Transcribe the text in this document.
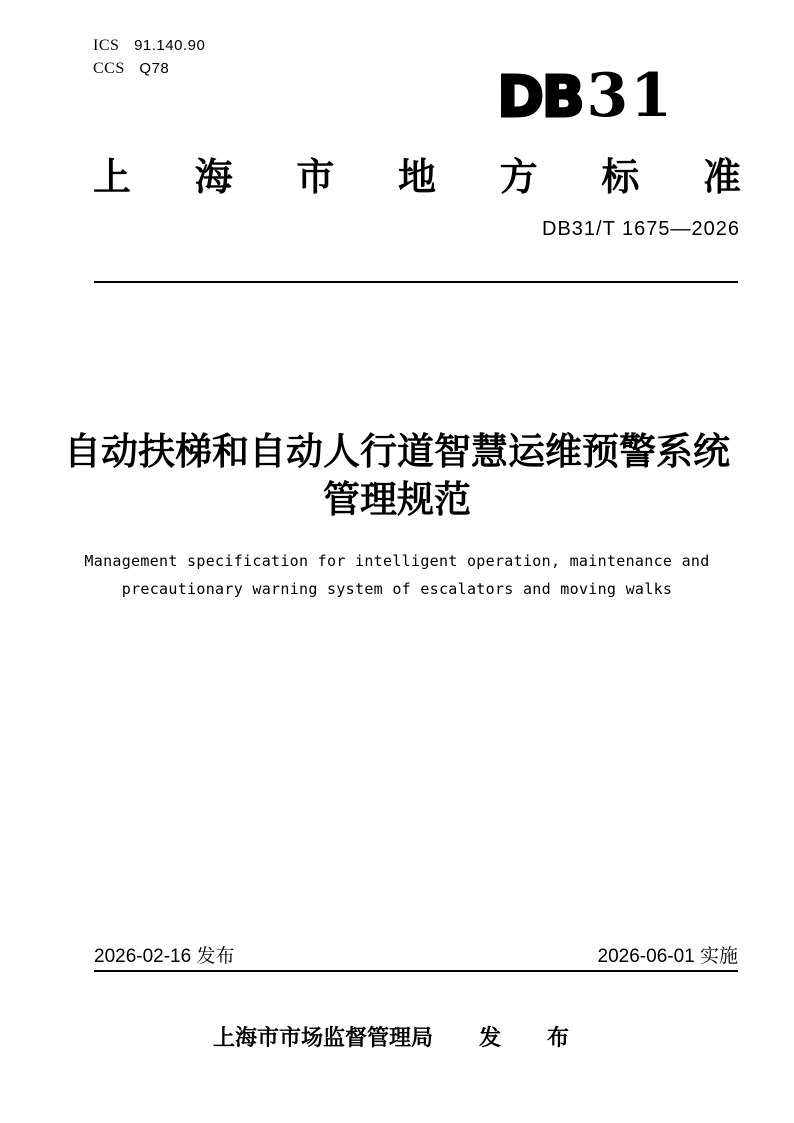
ICS 91.140.90
CCS Q78	DB31
上海市地方标准
DB31/T 1675—2026
自动扶梯和自动人行道智慧运维预警系统
管理规范
Management specification for intelligent operation, maintenance and
precautionary warning system of escalators and moving walks
2026-02-16 发布	2026-06-01 实施
上海市市场监督管理局 发　布
